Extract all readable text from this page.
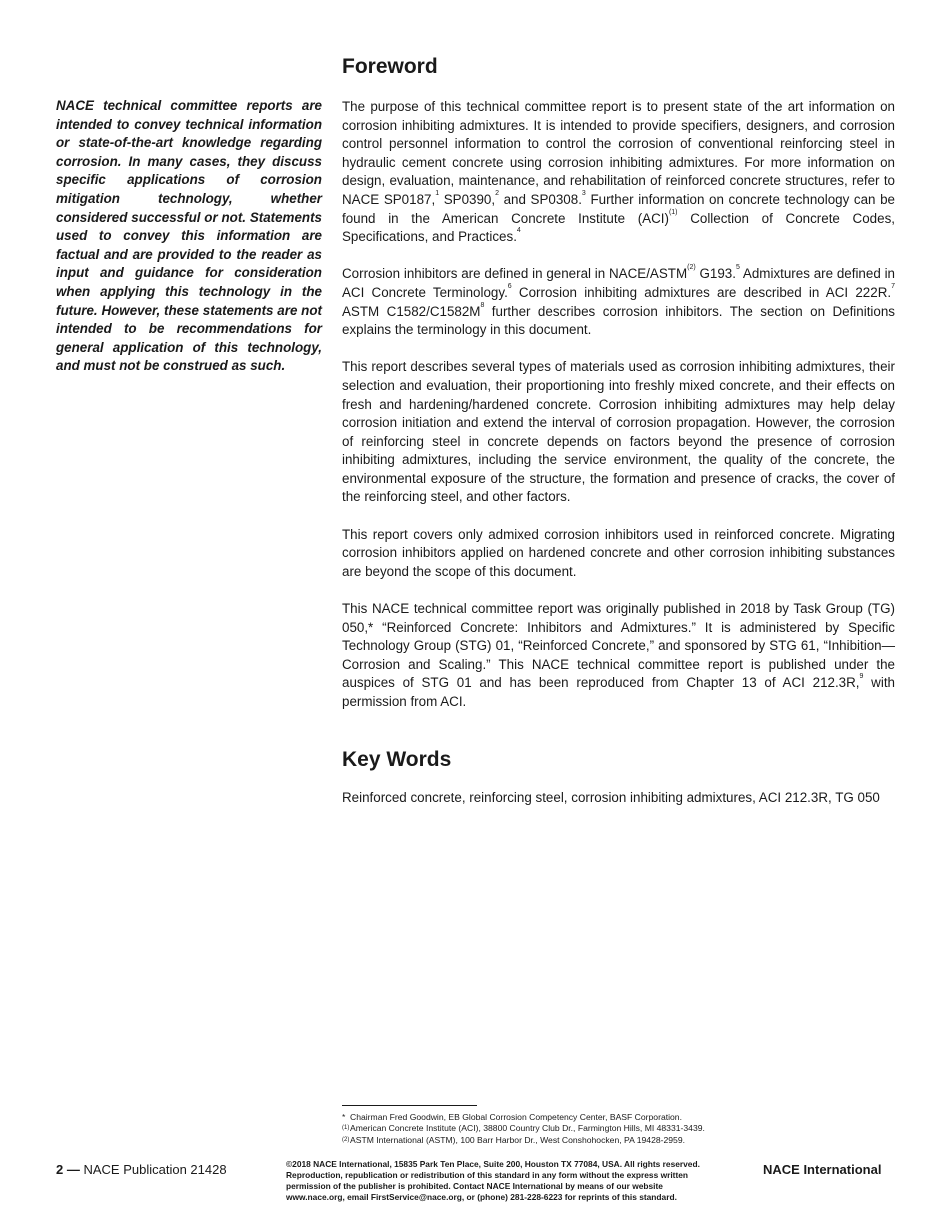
NACE technical committee reports are intended to convey technical information or state-of-the-art knowledge regarding corrosion. In many cases, they discuss specific applications of corrosion mitigation technology, whether considered successful or not. Statements used to convey this information are factual and are provided to the reader as input and guidance for consideration when applying this technology in the future. However, these statements are not intended to be recommendations for general application of this technology, and must not be construed as such.
Foreword

The purpose of this technical committee report is to present state of the art information on corrosion inhibiting admixtures. It is intended to provide specifiers, designers, and corrosion control personnel information to control the corrosion of conventional reinforcing steel in hydraulic cement concrete using corrosion inhibiting admixtures. For more information on design, evaluation, maintenance, and rehabilitation of reinforced concrete structures, refer to NACE SP0187,$^1$ SP0390,$^2$ and SP0308.$^3$ Further information on concrete technology can be found in the American Concrete Institute (ACI)$^{(1)}$ Collection of Concrete Codes, Specifications, and Practices.$^4$

Corrosion inhibitors are defined in general in NACE/ASTM$^{(2)}$ G193.$^5$ Admixtures are defined in ACI Concrete Terminology.$^6$ Corrosion inhibiting admixtures are described in ACI 222R.$^7$ ASTM $C1582/C1582M^8$ further describes corrosion inhibitors. The section on Definitions explains the terminology in this document.

This report describes several types of materials used as corrosion inhibiting admixtures, their selection and evaluation, their proportioning into freshly mixed concrete, and their effects on fresh and hardening/hardened concrete. Corrosion inhibiting admixtures may help delay corrosion initiation and extend the interval of corrosion propagation. However, the corrosion of reinforcing steel in concrete depends on factors beyond the presence of corrosion inhibiting admixtures, including the service environment, the quality of the concrete, the environmental exposure of the structure, the formation and presence of cracks, the cover of the reinforcing steel, and other factors.

This report covers only admixed corrosion inhibitors used in reinforced concrete. Migrating corrosion inhibitors applied on hardened concrete and other corrosion inhibiting substances are beyond the scope of this document.

This NACE technical committee report was originally published in 2018 by Task Group (TG) 050,* “Reinforced Concrete: Inhibitors and Admixtures.” It is administered by Specific Technology Group (STG) 01, “Reinforced Concrete,” and sponsored by STG 61, “Inhibition—Corrosion and Scaling.” This NACE technical committee report is published under the auspices of STG 01 and has been reproduced from Chapter 13 of ACI 212.3R,$^9$ with permission from ACI.

Key Words

Reinforced concrete, reinforcing steel, corrosion inhibiting admixtures, ACI 212.3R, TG 050

* Chairman Fred Goodwin, EB Global Corrosion Competency Center, BASF Corporation.
(1)American Concrete Institute (ACI), 38800 Country Club Dr., Farmington Hills, MI 48331-3439.
(2)ASTM International (ASTM), 100 Barr Harbor Dr., West Conshohocken, PA 19428-2959.
2 — NACE Publication 21428	©2018 NACE International, 15835 Park Ten Place, Suite 200, Houston TX 77084, USA. All rights reserved. Reproduction, republication or redistribution of this standard in any form without the express written permission of the publisher is prohibited. Contact NACE International by means of our website www.nace.org, email FirstService@nace.org, or (phone) 281-228-6223 for reprints of this standard.
NACE International
